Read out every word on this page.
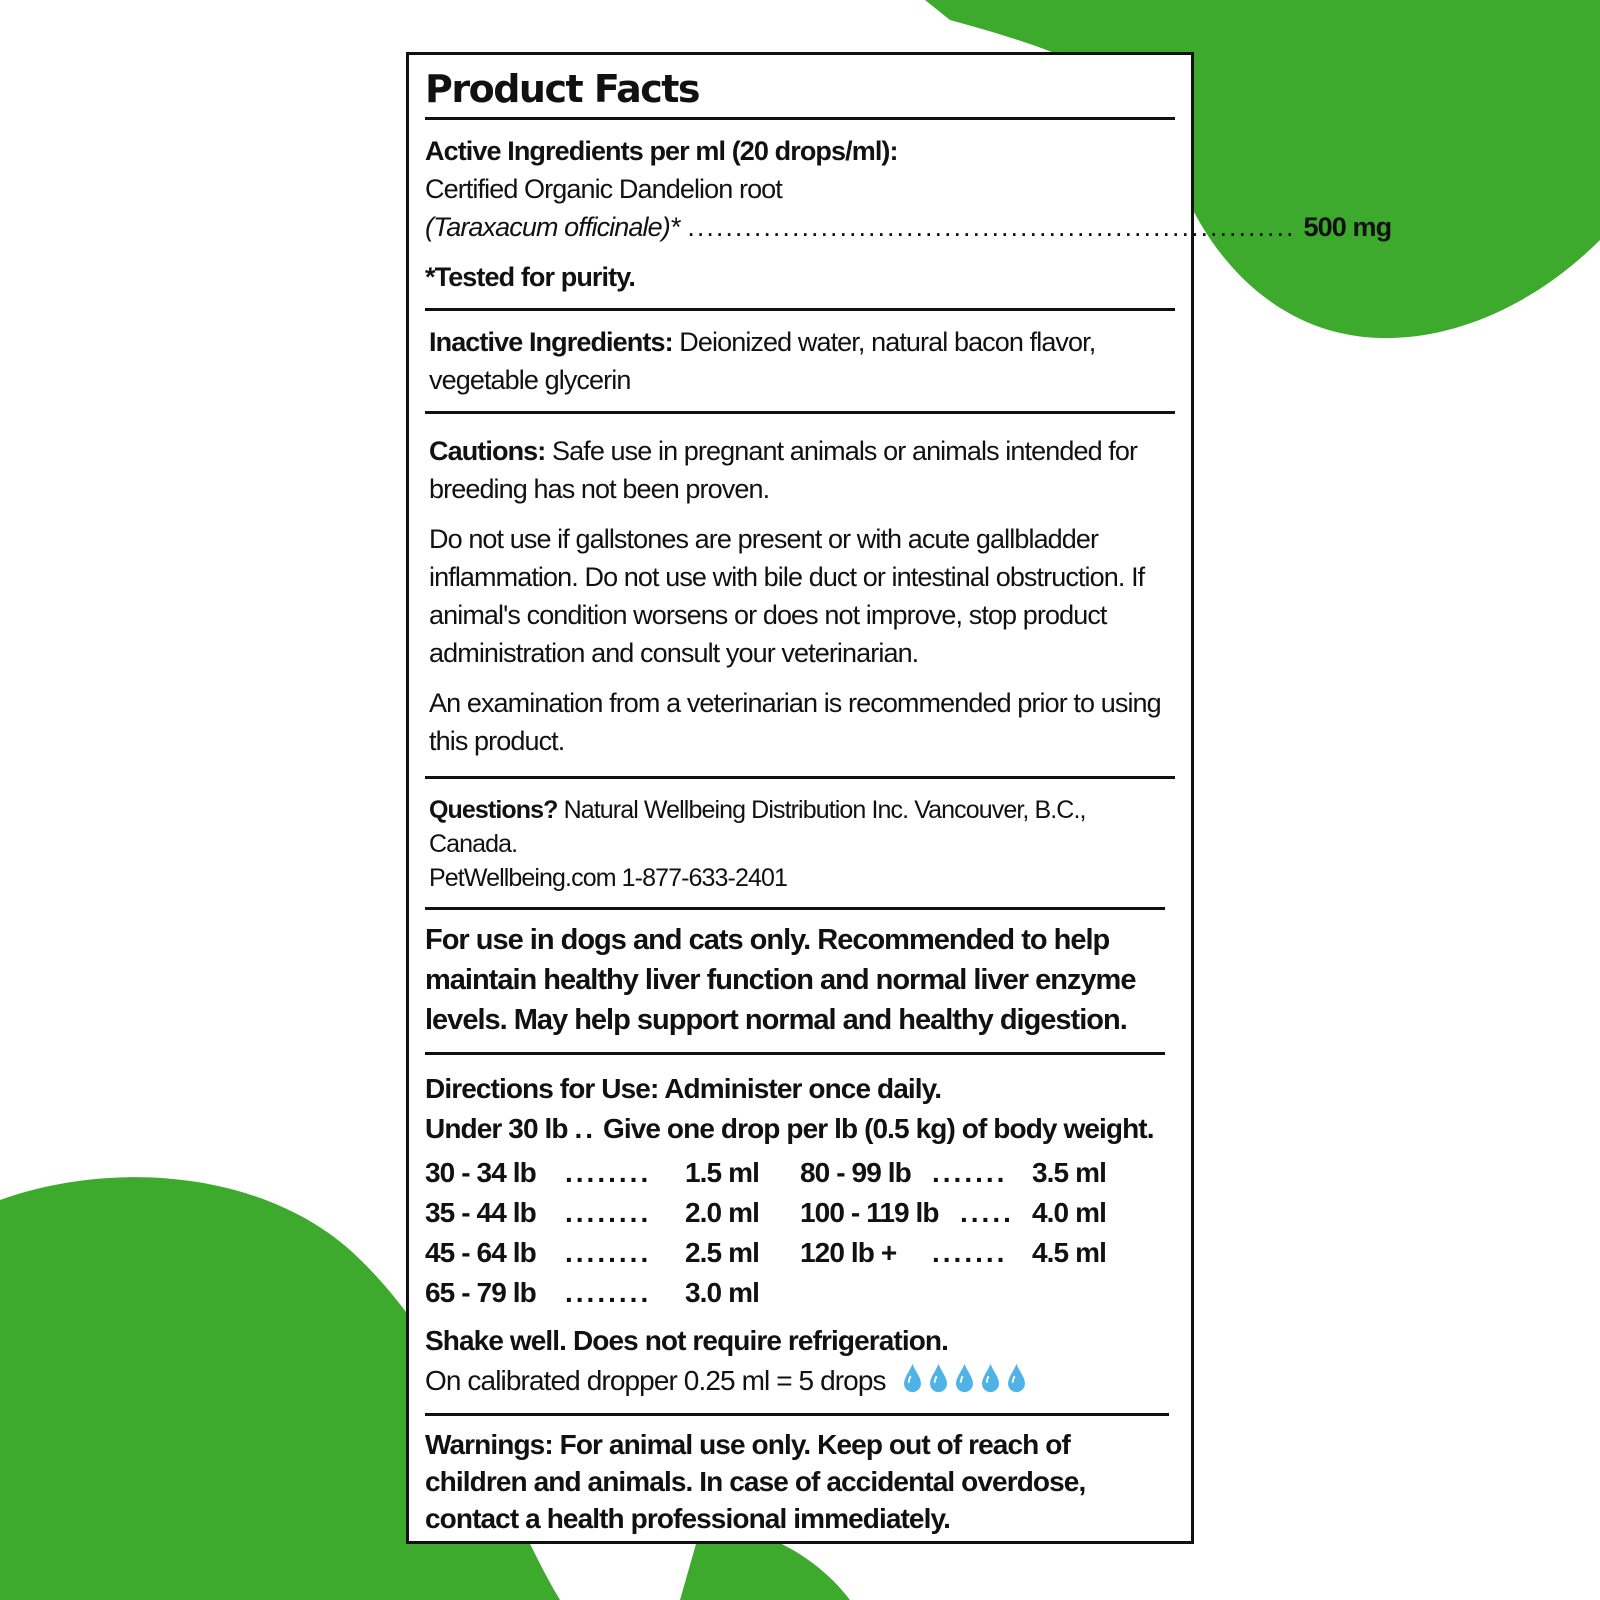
Product Facts

Active Ingredients per ml (20 drops/ml):

Certified Organic Dandelion root

(Taraxacum officinale)* ................................................................ 500 mg

*Tested for purity.

Inactive Ingredients: Deionized water, natural bacon flavor, vegetable glycerin

Cautions: Safe use in pregnant animals or animals intended for breeding has not been proven.

Do not use if gallstones are present or with acute gallbladder inflammation. Do not use with bile duct or intestinal obstruction. If animal's condition worsens or does not improve, stop product administration and consult your veterinarian.

An examination from a veterinarian is recommended prior to using this product.

Questions? Natural Wellbeing Distribution Inc. Vancouver, B.C., Canada.

PetWellbeing.com 1-877-633-2401

For use in dogs and cats only. Recommended to help maintain healthy liver function and normal liver enzyme levels. May help support normal and healthy digestion.

Directions for Use: Administer once daily.

Under 30 lb .. Give one drop per lb (0.5 kg) of body weight.

30 - 34 lb	........	1.5 ml
35 - 44 lb	........	2.0 ml
45 - 64 lb	........	2.5 ml
65 - 79 lb	........	3.0 ml
80 - 99 lb ....... 3.5 ml
100 - 119 lb ..... 4.0 ml
120 lb +	....... 4.5 ml

Shake well. Does not require refrigeration.

On calibrated dropper 0.25 ml = 5 drops

Warnings: For animal use only. Keep out of reach of children and animals. In case of accidental overdose, contact a health professional immediately.
